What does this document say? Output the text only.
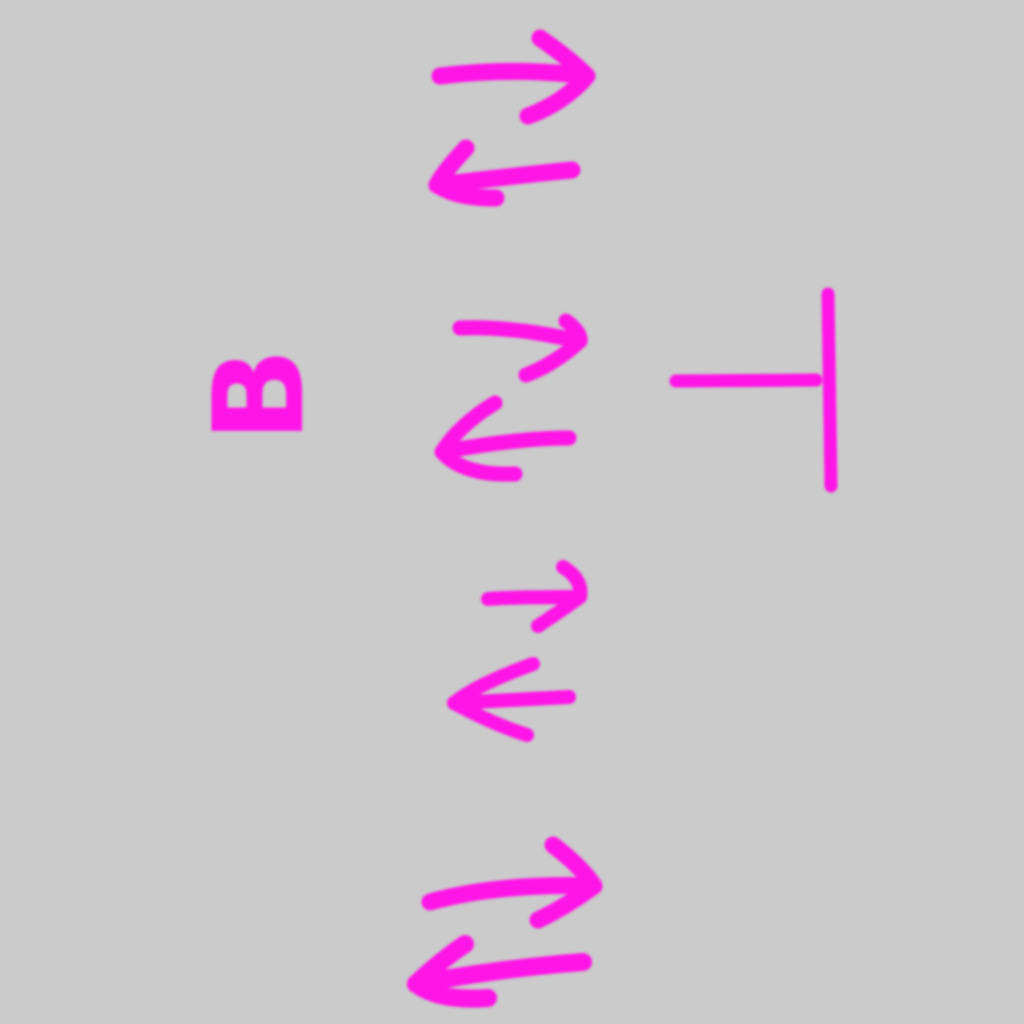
B
